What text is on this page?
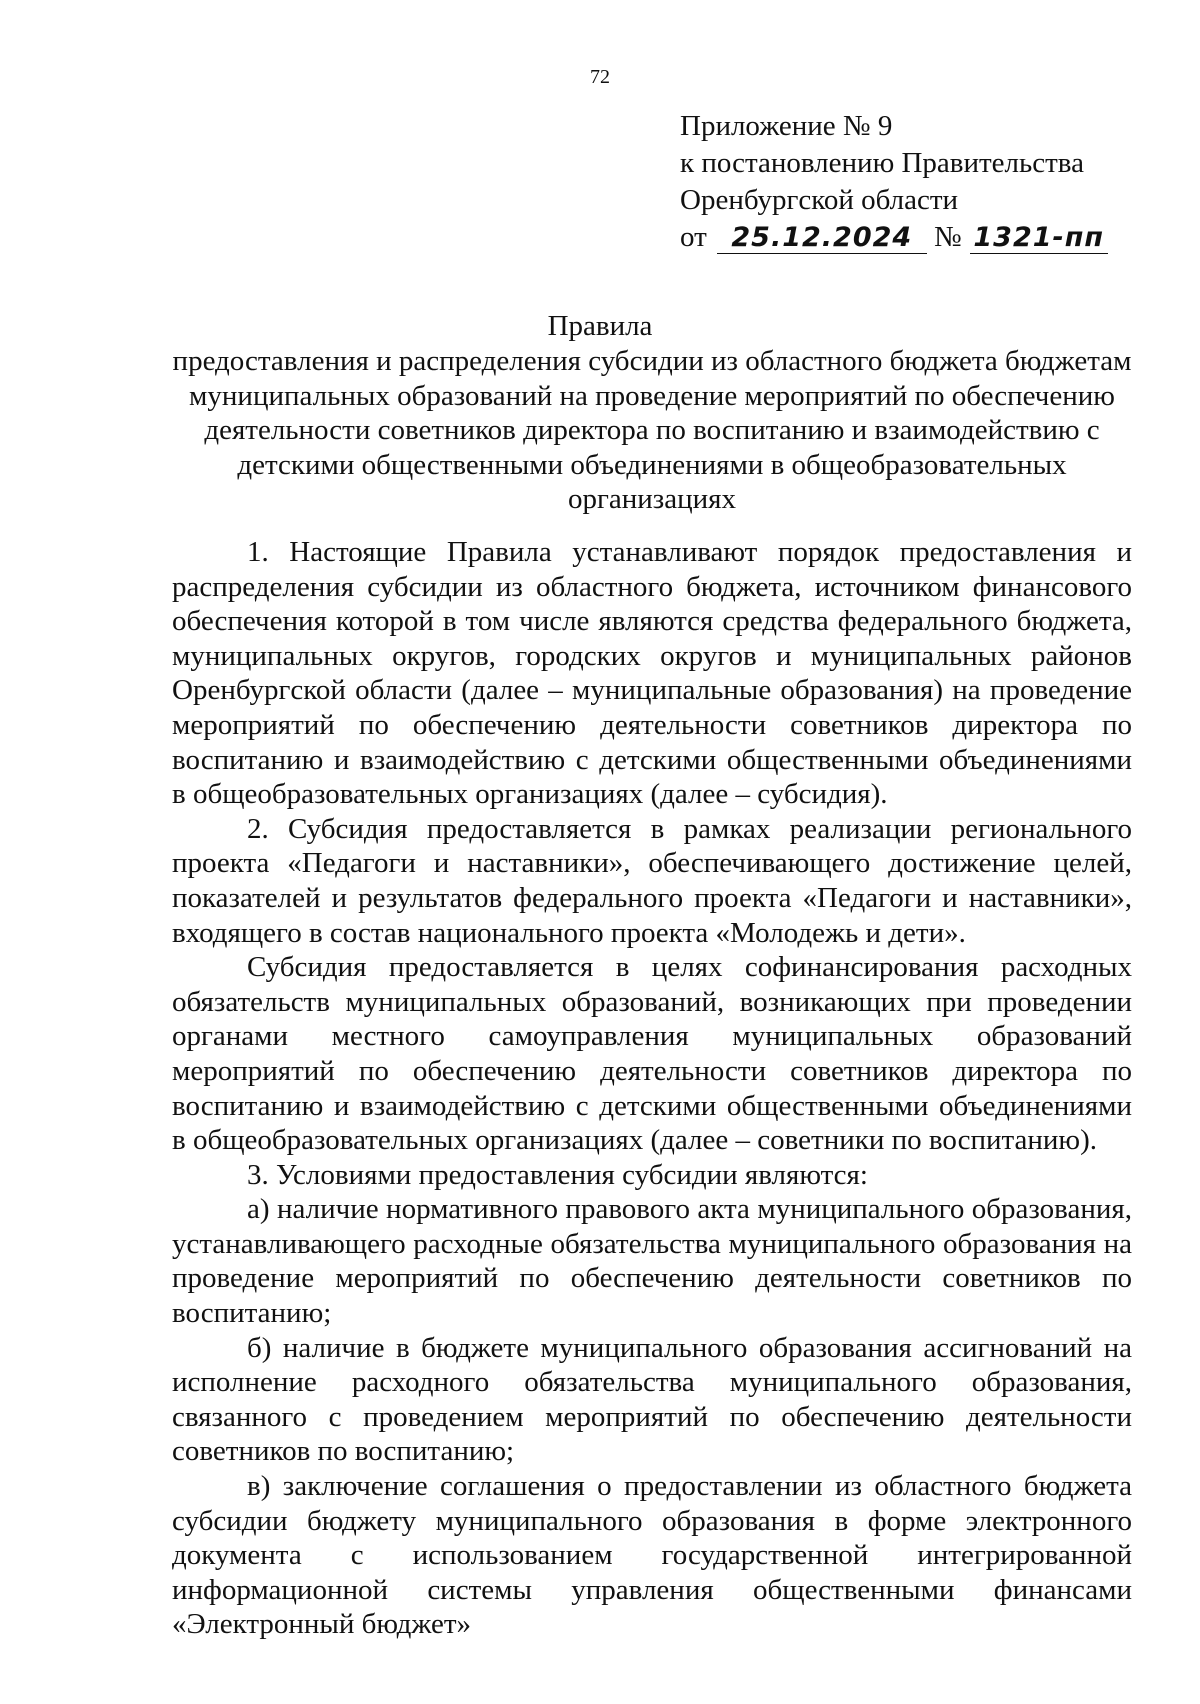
72
Приложение № 9
к постановлению Правительства
Оренбургской области
от 25.12.2024 № 1321-пп
Правила
предоставления и распределения субсидии из областного бюджета бюджетам муниципальных образований на проведение мероприятий по обеспечению деятельности советников директора по воспитанию и взаимодействию с детскими общественными объединениями в общеобразовательных организациях

1. Настоящие Правила устанавливают порядок предоставления и распределения субсидии из областного бюджета, источником финансового обеспечения которой в том числе являются средства федерального бюджета, муниципальных округов, городских округов и муниципальных районов Оренбургской области (далее – муниципальные образования) на проведение мероприятий по обеспечению деятельности советников директора по воспитанию и взаимодействию с детскими общественными объединениями в общеобразовательных организациях (далее – субсидия).

2. Субсидия предоставляется в рамках реализации регионального проекта «Педагоги и наставники», обеспечивающего достижение целей, показателей и результатов федерального проекта «Педагоги и наставники», входящего в состав национального проекта «Молодежь и дети».

Субсидия предоставляется в целях софинансирования расходных обязательств муниципальных образований, возникающих при проведении органами местного самоуправления муниципальных образований мероприятий по обеспечению деятельности советников директора по воспитанию и взаимодействию с детскими общественными объединениями в общеобразовательных организациях (далее – советники по воспитанию).

3. Условиями предоставления субсидии являются:

а) наличие нормативного правового акта муниципального образования, устанавливающего расходные обязательства муниципального образования на проведение мероприятий по обеспечению деятельности советников по воспитанию;

б) наличие в бюджете муниципального образования ассигнований на исполнение расходного обязательства муниципального образования, связанного с проведением мероприятий по обеспечению деятельности советников по воспитанию;

в) заключение соглашения о предоставлении из областного бюджета субсидии бюджету муниципального образования в форме электронного документа с использованием государственной интегрированной информационной системы управления общественными финансами «Электронный бюджет»
